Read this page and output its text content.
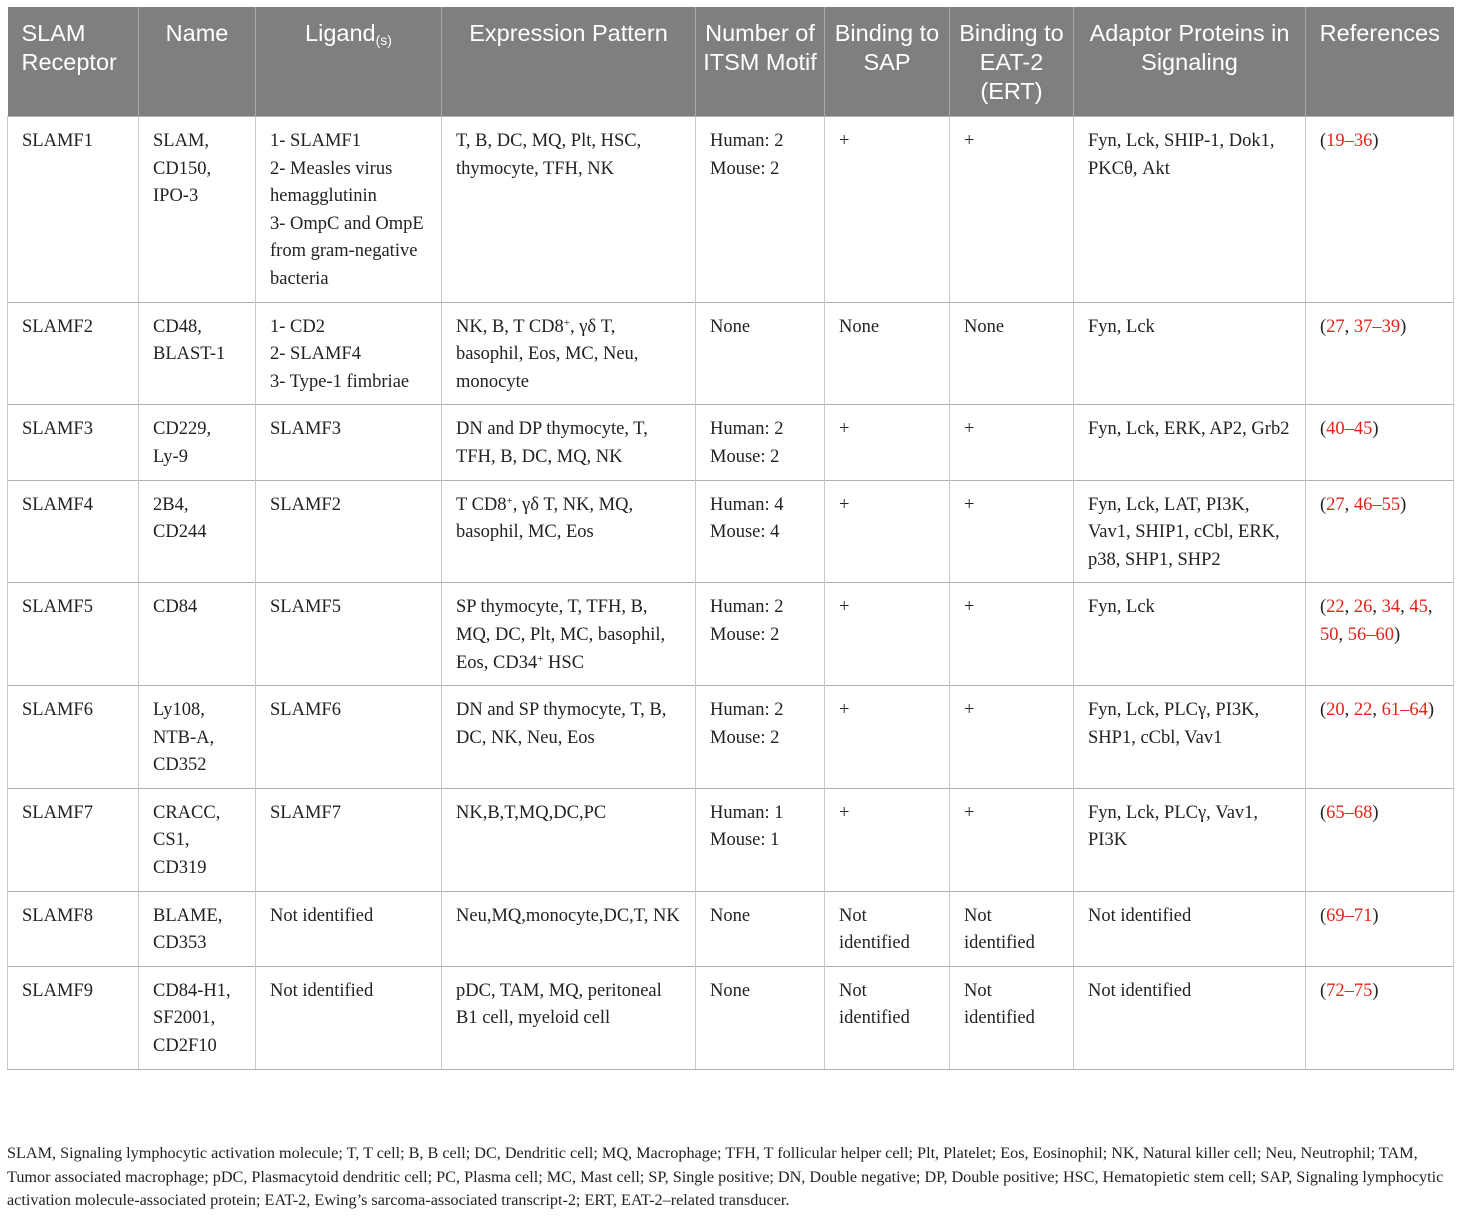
SLAM Receptor	Name	Ligand$_{(s)}$	Expression Pattern	Number of ITSM Motif	Binding to SAP	Binding to EAT-2 (ERT)	Adaptor Proteins in Signaling	References
SLAMF1	SLAM,
CD150,
IPO-3	1- SLAMF1
2- Measles virus hemagglutinin
3- OmpC and OmpE from gram-negative bacteria	T, B, DC, MQ, Plt, HSC, thymocyte, TFH, NK	Human: 2
Mouse: 2	+	+	Fyn, Lck, SHIP-1, Dok1, PKCθ, Akt	(19–36)
SLAMF2	CD48,
BLAST-1	1- CD2
2- SLAMF4
3- Type-1 fimbriae	NK, B, T CD8+, γδ T, basophil, Eos, MC, Neu, monocyte	None	None	None	Fyn, Lck	(27, 37–39)
SLAMF3	CD229,
Ly-9	SLAMF3	DN and DP thymocyte, T, TFH, B, DC, MQ, NK	Human: 2
Mouse: 2	+	+	Fyn, Lck, ERK, AP2, Grb2	(40–45)
SLAMF4	2B4,
CD244	SLAMF2	T CD8+, γδ T, NK, MQ, basophil, MC, Eos	Human: 4
Mouse: 4	+	+	Fyn, Lck, LAT, PI3K, Vav1, SHIP1, cCbl, ERK, p38, SHP1, SHP2	(27, 46–55)
SLAMF5	CD84	SLAMF5	SP thymocyte, T, TFH, B, MQ, DC, Plt, MC, basophil, Eos, CD34+ HSC	Human: 2
Mouse: 2	+	+	Fyn, Lck	(22, 26, 34, 45, 50, 56–60)
SLAMF6	Ly108,
NTB-A,
CD352	SLAMF6	DN and SP thymocyte, T, B, DC, NK, Neu, Eos	Human: 2
Mouse: 2	+	+	Fyn, Lck, PLCγ, PI3K, SHP1, cCbl, Vav1	(20, 22, 61–64)
SLAMF7	CRACC,
CS1,
CD319	SLAMF7	NK,B,T,MQ,DC,PC	Human: 1
Mouse: 1	+	+	Fyn, Lck, PLCγ, Vav1, PI3K	(65–68)
SLAMF8	BLAME,
CD353	Not identified	Neu,MQ,monocyte,DC,T, NK	None	Not identified	Not identified	Not identified	(69–71)
SLAMF9	CD84-H1,
SF2001,
CD2F10	Not identified	pDC, TAM, MQ, peritoneal B1 cell, myeloid cell	None	Not identified	Not identified	Not identified	(72–75)
SLAM, Signaling lymphocytic activation molecule; T, T cell; B, B cell; DC, Dendritic cell; MQ, Macrophage; TFH, T follicular helper cell; Plt, Platelet; Eos, Eosinophil; NK, Natural killer cell; Neu, Neutrophil; TAM, Tumor associated macrophage; pDC, Plasmacytoid dendritic cell; PC, Plasma cell; MC, Mast cell; SP, Single positive; DN, Double negative; DP, Double positive; HSC, Hematopietic stem cell; SAP, Signaling lymphocytic activation molecule-associated protein; EAT-2, Ewing’s sarcoma-associated transcript-2; ERT, EAT-2–related transducer.
